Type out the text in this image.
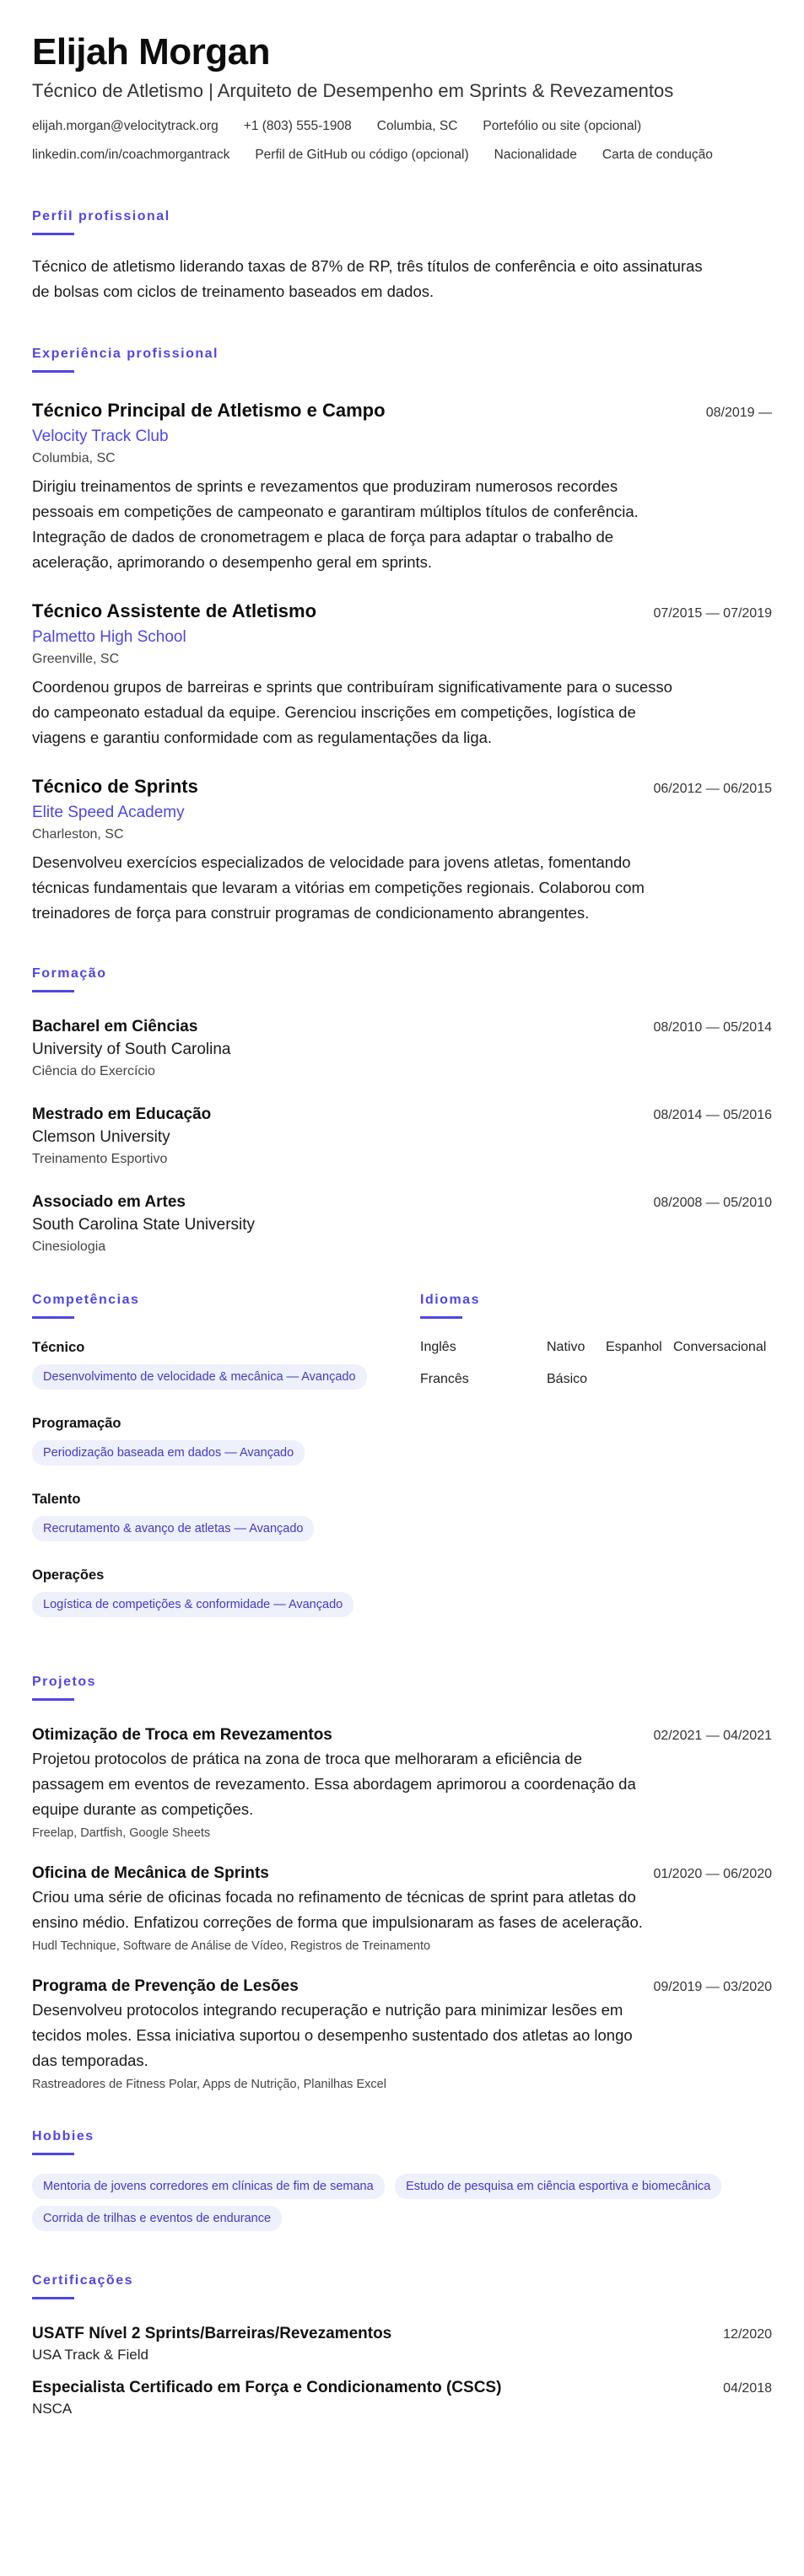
Elijah Morgan
Técnico de Atletismo | Arquiteto de Desempenho em Sprints & Revezamentos
elijah.morgan@velocitytrack.org +1 (803) 555-1908 Columbia, SC Portefólio ou site (opcional)
linkedin.com/in/coachmorgantrack Perfil de GitHub ou código (opcional) Nacionalidade Carta de condução
Perfil profissional
Técnico de atletismo liderando taxas de 87% de RP, três títulos de conferência e oito assinaturas de bolsas com ciclos de treinamento baseados em dados.
Experiência profissional
Técnico Principal de Atletismo e Campo	08/2019 —
Velocity Track Club
Columbia, SC
Dirigiu treinamentos de sprints e revezamentos que produziram numerosos recordes pessoais em competições de campeonato e garantiram múltiplos títulos de conferência. Integração de dados de cronometragem e placa de força para adaptar o trabalho de aceleração, aprimorando o desempenho geral em sprints.
Técnico Assistente de Atletismo	07/2015 — 07/2019
Palmetto High School
Greenville, SC
Coordenou grupos de barreiras e sprints que contribuíram significativamente para o sucesso do campeonato estadual da equipe. Gerenciou inscrições em competições, logística de viagens e garantiu conformidade com as regulamentações da liga.
Técnico de Sprints	06/2012 — 06/2015
Elite Speed Academy
Charleston, SC
Desenvolveu exercícios especializados de velocidade para jovens atletas, fomentando técnicas fundamentais que levaram a vitórias em competições regionais. Colaborou com treinadores de força para construir programas de condicionamento abrangentes.
Formação
Bacharel em Ciências	08/2010 — 05/2014
University of South Carolina
Ciência do Exercício
Mestrado em Educação	08/2014 — 05/2016
Clemson University
Treinamento Esportivo
Associado em Artes	08/2008 — 05/2010
South Carolina State University
Cinesiologia
Competências
Técnico
Desenvolvimento de velocidade & mecânica — Avançado
Programação
Periodização baseada em dados — Avançado
Talento
Recrutamento & avanço de atletas — Avançado
Operações
Logística de competições & conformidade — Avançado
Idiomas
Inglês	Nativo	Espanhol Conversacional
Francês	Básico
Projetos
Otimização de Troca em Revezamentos	02/2021 — 04/2021
Projetou protocolos de prática na zona de troca que melhoraram a eficiência de passagem em eventos de revezamento. Essa abordagem aprimorou a coordenação da equipe durante as competições.
Freelap, Dartfish, Google Sheets
Oficina de Mecânica de Sprints	01/2020 — 06/2020
Criou uma série de oficinas focada no refinamento de técnicas de sprint para atletas do ensino médio. Enfatizou correções de forma que impulsionaram as fases de aceleração.
Hudl Technique, Software de Análise de Vídeo, Registros de Treinamento
Programa de Prevenção de Lesões	09/2019 — 03/2020
Desenvolveu protocolos integrando recuperação e nutrição para minimizar lesões em tecidos moles. Essa iniciativa suportou o desempenho sustentado dos atletas ao longo das temporadas.
Rastreadores de Fitness Polar, Apps de Nutrição, Planilhas Excel
Hobbies
Mentoria de jovens corredores em clínicas de fim de semana	Estudo de pesquisa em ciência esportiva e biomecânica Corrida de trilhas e eventos de endurance
Certificações
USATF Nível 2 Sprints/Barreiras/Revezamentos
USA Track & Field
12/2020
Especialista Certificado em Força e Condicionamento (CSCS)
NSCA
04/2018
